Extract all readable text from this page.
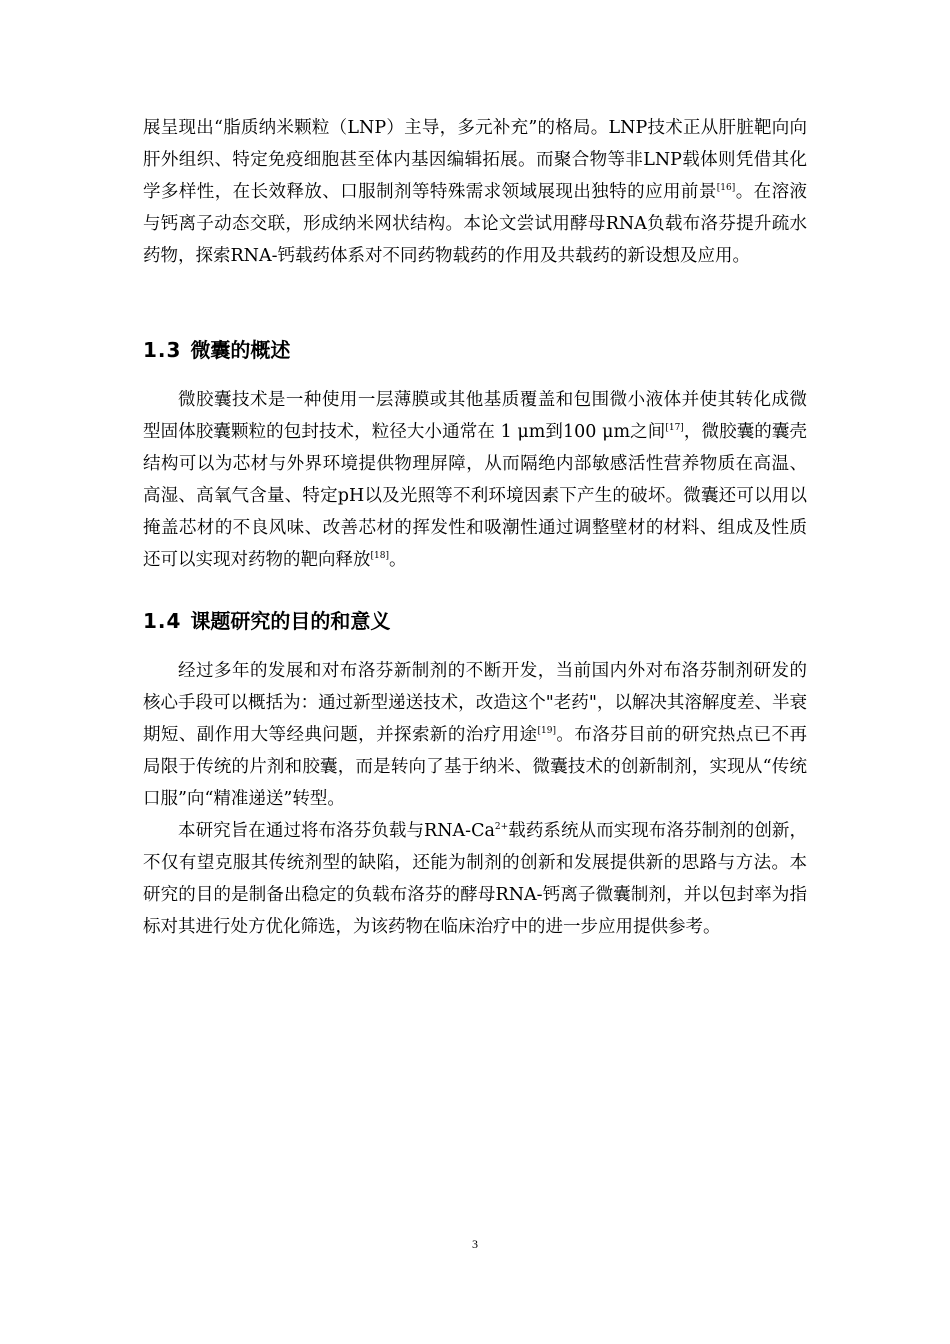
展呈现出“脂质纳米颗粒（LNP）主导，多元补充”的格局。LNP技术正从肝脏靶向向肝外组织、特定免疫细胞甚至体内基因编辑拓展。而聚合物等非LNP载体则凭借其化学多样性，在长效释放、口服制剂等特殊需求领域展现出独特的应用前景[16]。在溶液与钙离子动态交联，形成纳米网状结构。本论文尝试用酵母RNA负载布洛芬提升疏水药物，探索RNA-钙载药体系对不同药物载药的作用及共载药的新设想及应用。

1.3 微囊的概述

微胶囊技术是一种使用一层薄膜或其他基质覆盖和包围微小液体并使其转化成微型固体胶囊颗粒的包封技术，粒径大小通常在 1 μm到100 μm之间[17]，微胶囊的囊壳结构可以为芯材与外界环境提供物理屏障，从而隔绝内部敏感活性营养物质在高温、高湿、高氧气含量、特定pH以及光照等不利环境因素下产生的破坏。微囊还可以用以掩盖芯材的不良风味、改善芯材的挥发性和吸潮性通过调整壁材的材料、组成及性质还可以实现对药物的靶向释放[18]。

1.4 课题研究的目的和意义

经过多年的发展和对布洛芬新制剂的不断开发，当前国内外对布洛芬制剂研发的核心手段可以概括为：通过新型递送技术，改造这个"老药"，以解决其溶解度差、半衰期短、副作用大等经典问题，并探索新的治疗用途[19]。布洛芬目前的研究热点已不再局限于传统的片剂和胶囊，而是转向了基于纳米、微囊技术的创新制剂，实现从“传统口服”向“精准递送”转型。

本研究旨在通过将布洛芬负载与RNA-$Ca^{2+}$载药系统从而实现布洛芬制剂的创新，不仅有望克服其传统剂型的缺陷，还能为制剂的创新和发展提供新的思路与方法。本研究的目的是制备出稳定的负载布洛芬的酵母RNA-钙离子微囊制剂，并以包封率为指标对其进行处方优化筛选，为该药物在临床治疗中的进一步应用提供参考。

3
